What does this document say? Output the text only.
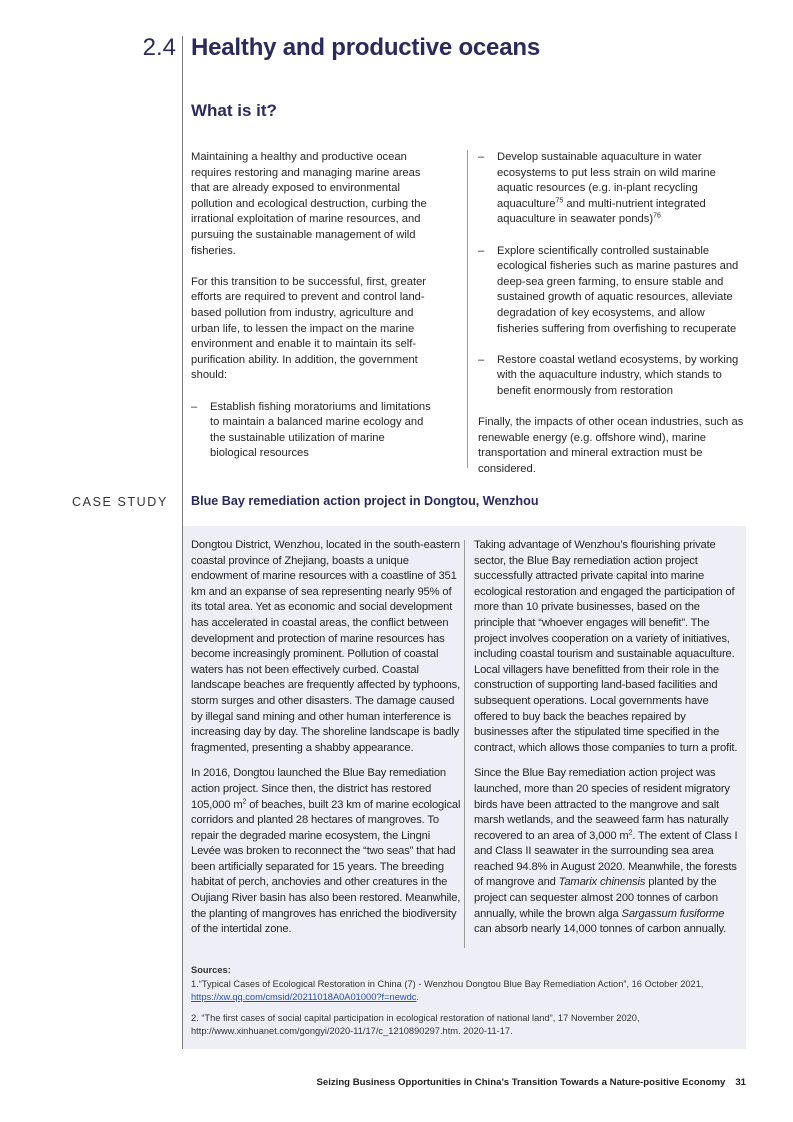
2.4 Healthy and productive oceans
What is it?

Maintaining a healthy and productive ocean requires restoring and managing marine areas that are already exposed to environmental pollution and ecological destruction, curbing the irrational exploitation of marine resources, and pursuing the sustainable management of wild fisheries.

For this transition to be successful, first, greater efforts are required to prevent and control land-based pollution from industry, agriculture and urban life, to lessen the impact on the marine environment and enable it to maintain its self-purification ability. In addition, the government should:

– Establish fishing moratoriums and limitations to maintain a balanced marine ecology and the sustainable utilization of marine biological resources
– Develop sustainable aquaculture in water ecosystems to put less strain on wild marine aquatic resources (e.g. in-plant recycling aquaculture$^{75}$ and multi-nutrient integrated aquaculture in seawater ponds)$^{76}$
– Explore scientifically controlled sustainable ecological fisheries such as marine pastures and deep-sea green farming, to ensure stable and sustained growth of aquatic resources, alleviate degradation of key ecosystems, and allow fisheries suffering from overfishing to recuperate
– Restore coastal wetland ecosystems, by working with the aquaculture industry, which stands to benefit enormously from restoration

Finally, the impacts of other ocean industries, such as renewable energy (e.g. offshore wind), marine transportation and mineral extraction must be considered.

CASE STUDY Blue Bay remediation action project in Dongtou, Wenzhou

Dongtou District, Wenzhou, located in the south-eastern coastal province of Zhejiang, boasts a unique endowment of marine resources with a coastline of 351 km and an expanse of sea representing nearly 95% of its total area. Yet as economic and social development has accelerated in coastal areas, the conflict between development and protection of marine resources has become increasingly prominent. Pollution of coastal waters has not been effectively curbed. Coastal landscape beaches are frequently affected by typhoons, storm surges and other disasters. The damage caused by illegal sand mining and other human interference is increasing day by day. The shoreline landscape is badly fragmented, presenting a shabby appearance.

In 2016, Dongtou launched the Blue Bay remediation action project. Since then, the district has restored 105,000 $m^2$ of beaches, built 23 km of marine ecological corridors and planted 28 hectares of mangroves. To repair the degraded marine ecosystem, the Lingni Levée was broken to reconnect the “two seas” that had been artificially separated for 15 years. The breeding habitat of perch, anchovies and other creatures in the Oujiang River basin has also been restored. Meanwhile, the planting of mangroves has enriched the biodiversity of the intertidal zone.

Taking advantage of Wenzhou’s flourishing private sector, the Blue Bay remediation action project successfully attracted private capital into marine ecological restoration and engaged the participation of more than 10 private businesses, based on the principle that “whoever engages will benefit”. The project involves cooperation on a variety of initiatives, including coastal tourism and sustainable aquaculture. Local villagers have benefitted from their role in the construction of supporting land-based facilities and subsequent operations. Local governments have offered to buy back the beaches repaired by businesses after the stipulated time specified in the contract, which allows those companies to turn a profit.

Since the Blue Bay remediation action project was launched, more than 20 species of resident migratory birds have been attracted to the mangrove and salt marsh wetlands, and the seaweed farm has naturally recovered to an area of 3,000 $m^2$. The extent of Class I and Class II seawater in the surrounding sea area reached 94.8% in August 2020. Meanwhile, the forests of mangrove and Tamarix chinensis planted by the project can sequester almost 200 tonnes of carbon annually, while the brown alga Sargassum fusiforme can absorb nearly 14,000 tonnes of carbon annually.

Sources:
1.“Typical Cases of Ecological Restoration in China (7) - Wenzhou Dongtou Blue Bay Remediation Action”, 16 October 2021, https://xw.qq.com/cmsid/20211018A0A01000?f=newdc.
2. “The first cases of social capital participation in ecological restoration of national land”, 17 November 2020, http://www.xinhuanet.com/gongyi/2020-11/17/c_1210890297.htm. 2020-11-17.
Seizing Business Opportunities in China’s Transition Towards a Nature-positive Economy 31
